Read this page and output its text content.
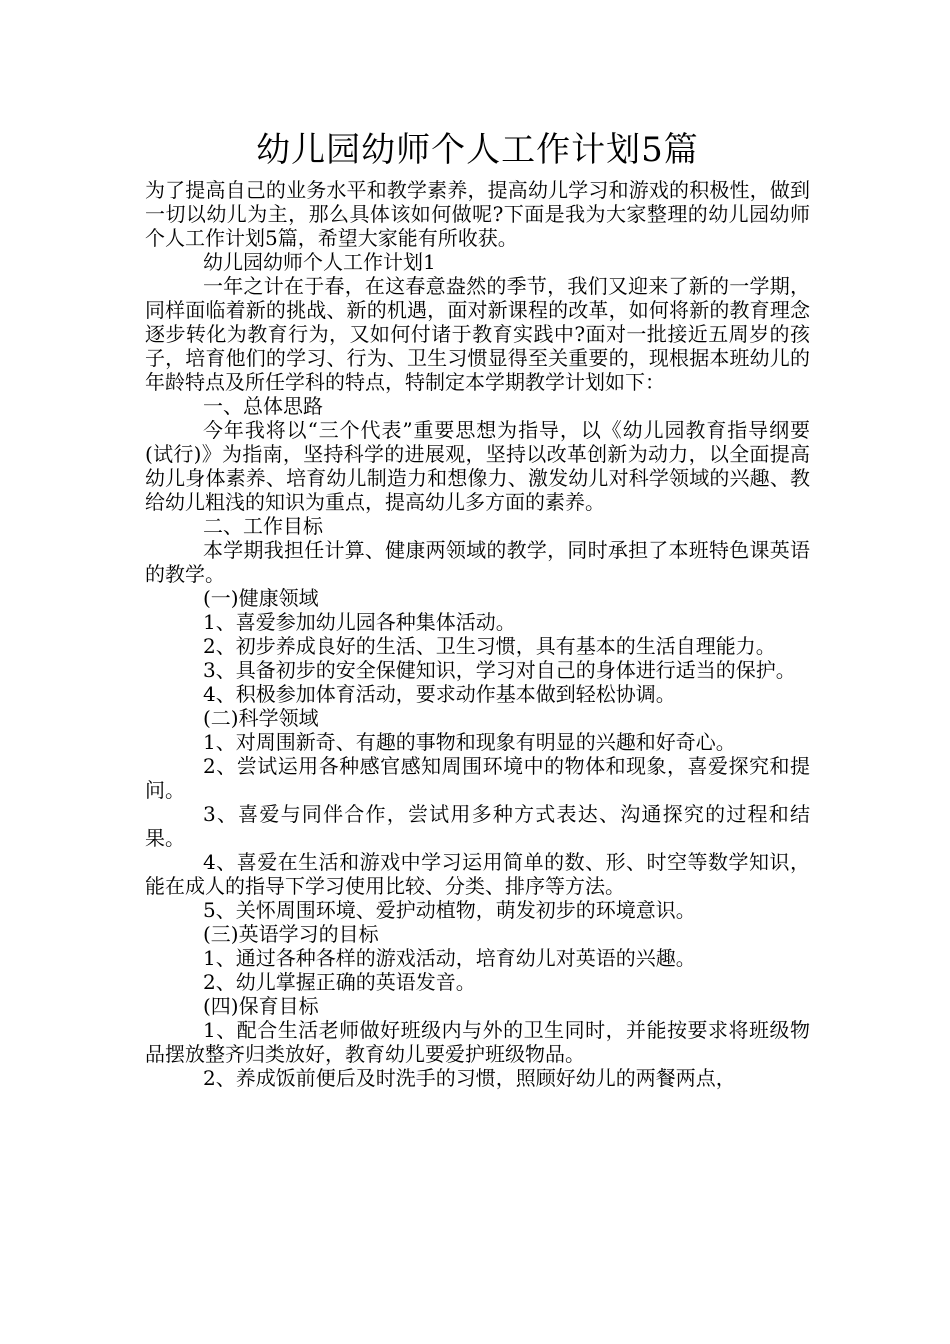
幼儿园幼师个人工作计划5篇

为了提高自己的业务水平和教学素养，提高幼儿学习和游戏的积极性，做到一切以幼儿为主，那么具体该如何做呢?下面是我为大家整理的幼儿园幼师个人工作计划5篇，希望大家能有所收获。

幼儿园幼师个人工作计划1

一年之计在于春，在这春意盎然的季节，我们又迎来了新的一学期，同样面临着新的挑战、新的机遇，面对新课程的改革，如何将新的教育理念逐步转化为教育行为，又如何付诸于教育实践中?面对一批接近五周岁的孩子，培育他们的学习、行为、卫生习惯显得至关重要的，现根据本班幼儿的年龄特点及所任学科的特点，特制定本学期教学计划如下：

一、总体思路

今年我将以“三个代表”重要思想为指导，以《幼儿园教育指导纲要(试行)》为指南，坚持科学的进展观，坚持以改革创新为动力，以全面提高幼儿身体素养、培育幼儿制造力和想像力、激发幼儿对科学领域的兴趣、教给幼儿粗浅的知识为重点，提高幼儿多方面的素养。

二、工作目标

本学期我担任计算、健康两领域的教学，同时承担了本班特色课英语的教学。

(一)健康领域

1、喜爱参加幼儿园各种集体活动。

2、初步养成良好的生活、卫生习惯，具有基本的生活自理能力。

3、具备初步的安全保健知识，学习对自己的身体进行适当的保护。

4、积极参加体育活动，要求动作基本做到轻松协调。

(二)科学领域

1、对周围新奇、有趣的事物和现象有明显的兴趣和好奇心。

2、尝试运用各种感官感知周围环境中的物体和现象，喜爱探究和提问。

3、喜爱与同伴合作，尝试用多种方式表达、沟通探究的过程和结果。

4、喜爱在生活和游戏中学习运用简单的数、形、时空等数学知识，能在成人的指导下学习使用比较、分类、排序等方法。

5、关怀周围环境、爱护动植物，萌发初步的环境意识。

(三)英语学习的目标

1、通过各种各样的游戏活动，培育幼儿对英语的兴趣。

2、幼儿掌握正确的英语发音。

(四)保育目标

1、配合生活老师做好班级内与外的卫生同时，并能按要求将班级物品摆放整齐归类放好，教育幼儿要爱护班级物品。

2、养成饭前便后及时洗手的习惯，照顾好幼儿的两餐两点，
